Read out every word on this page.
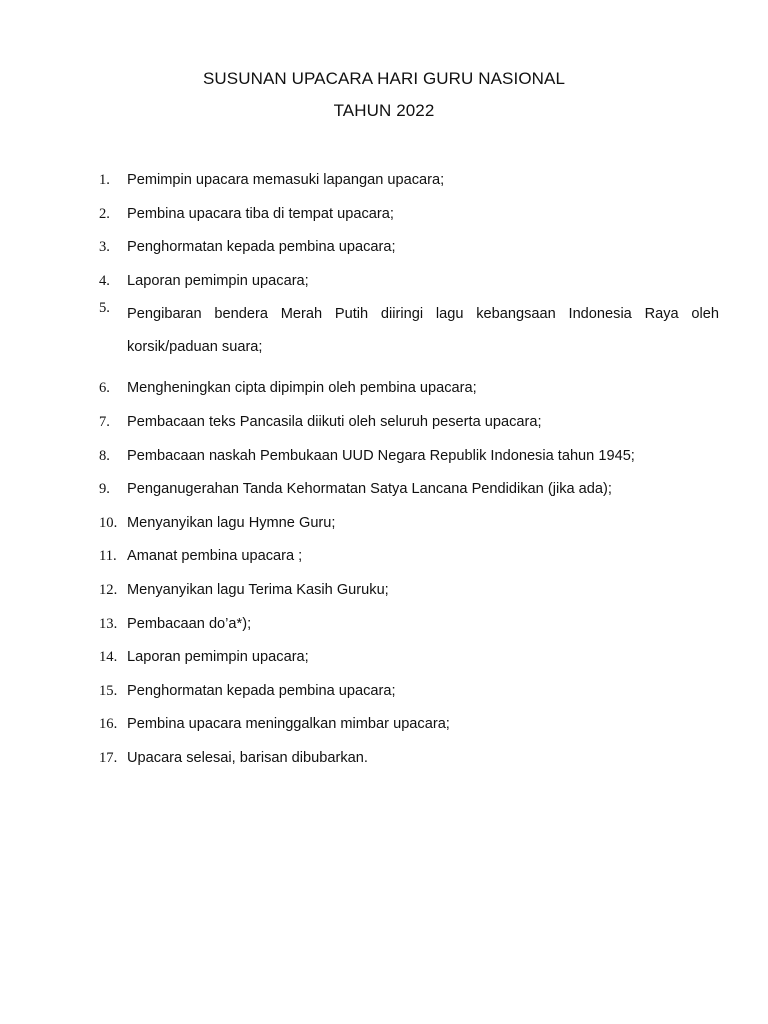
SUSUNAN UPACARA HARI GURU NASIONAL
TAHUN 2022
1. Pemimpin upacara memasuki lapangan upacara;
2. Pembina upacara tiba di tempat upacara;
3. Penghormatan kepada pembina upacara;
4. Laporan pemimpin upacara;
5. Pengibaran bendera Merah Putih diiringi lagu kebangsaan Indonesia Raya oleh korsik/paduan suara;
6. Mengheningkan cipta dipimpin oleh pembina upacara;
7. Pembacaan teks Pancasila diikuti oleh seluruh peserta upacara;
8. Pembacaan naskah Pembukaan UUD Negara Republik Indonesia tahun 1945;
9. Penganugerahan Tanda Kehormatan Satya Lancana Pendidikan (jika ada);
10. Menyanyikan lagu Hymne Guru;
11. Amanat pembina upacara ;
12. Menyanyikan lagu Terima Kasih Guruku;
13. Pembacaan do’a*);
14. Laporan pemimpin upacara;
15. Penghormatan kepada pembina upacara;
16. Pembina upacara meninggalkan mimbar upacara;
17. Upacara selesai, barisan dibubarkan.
